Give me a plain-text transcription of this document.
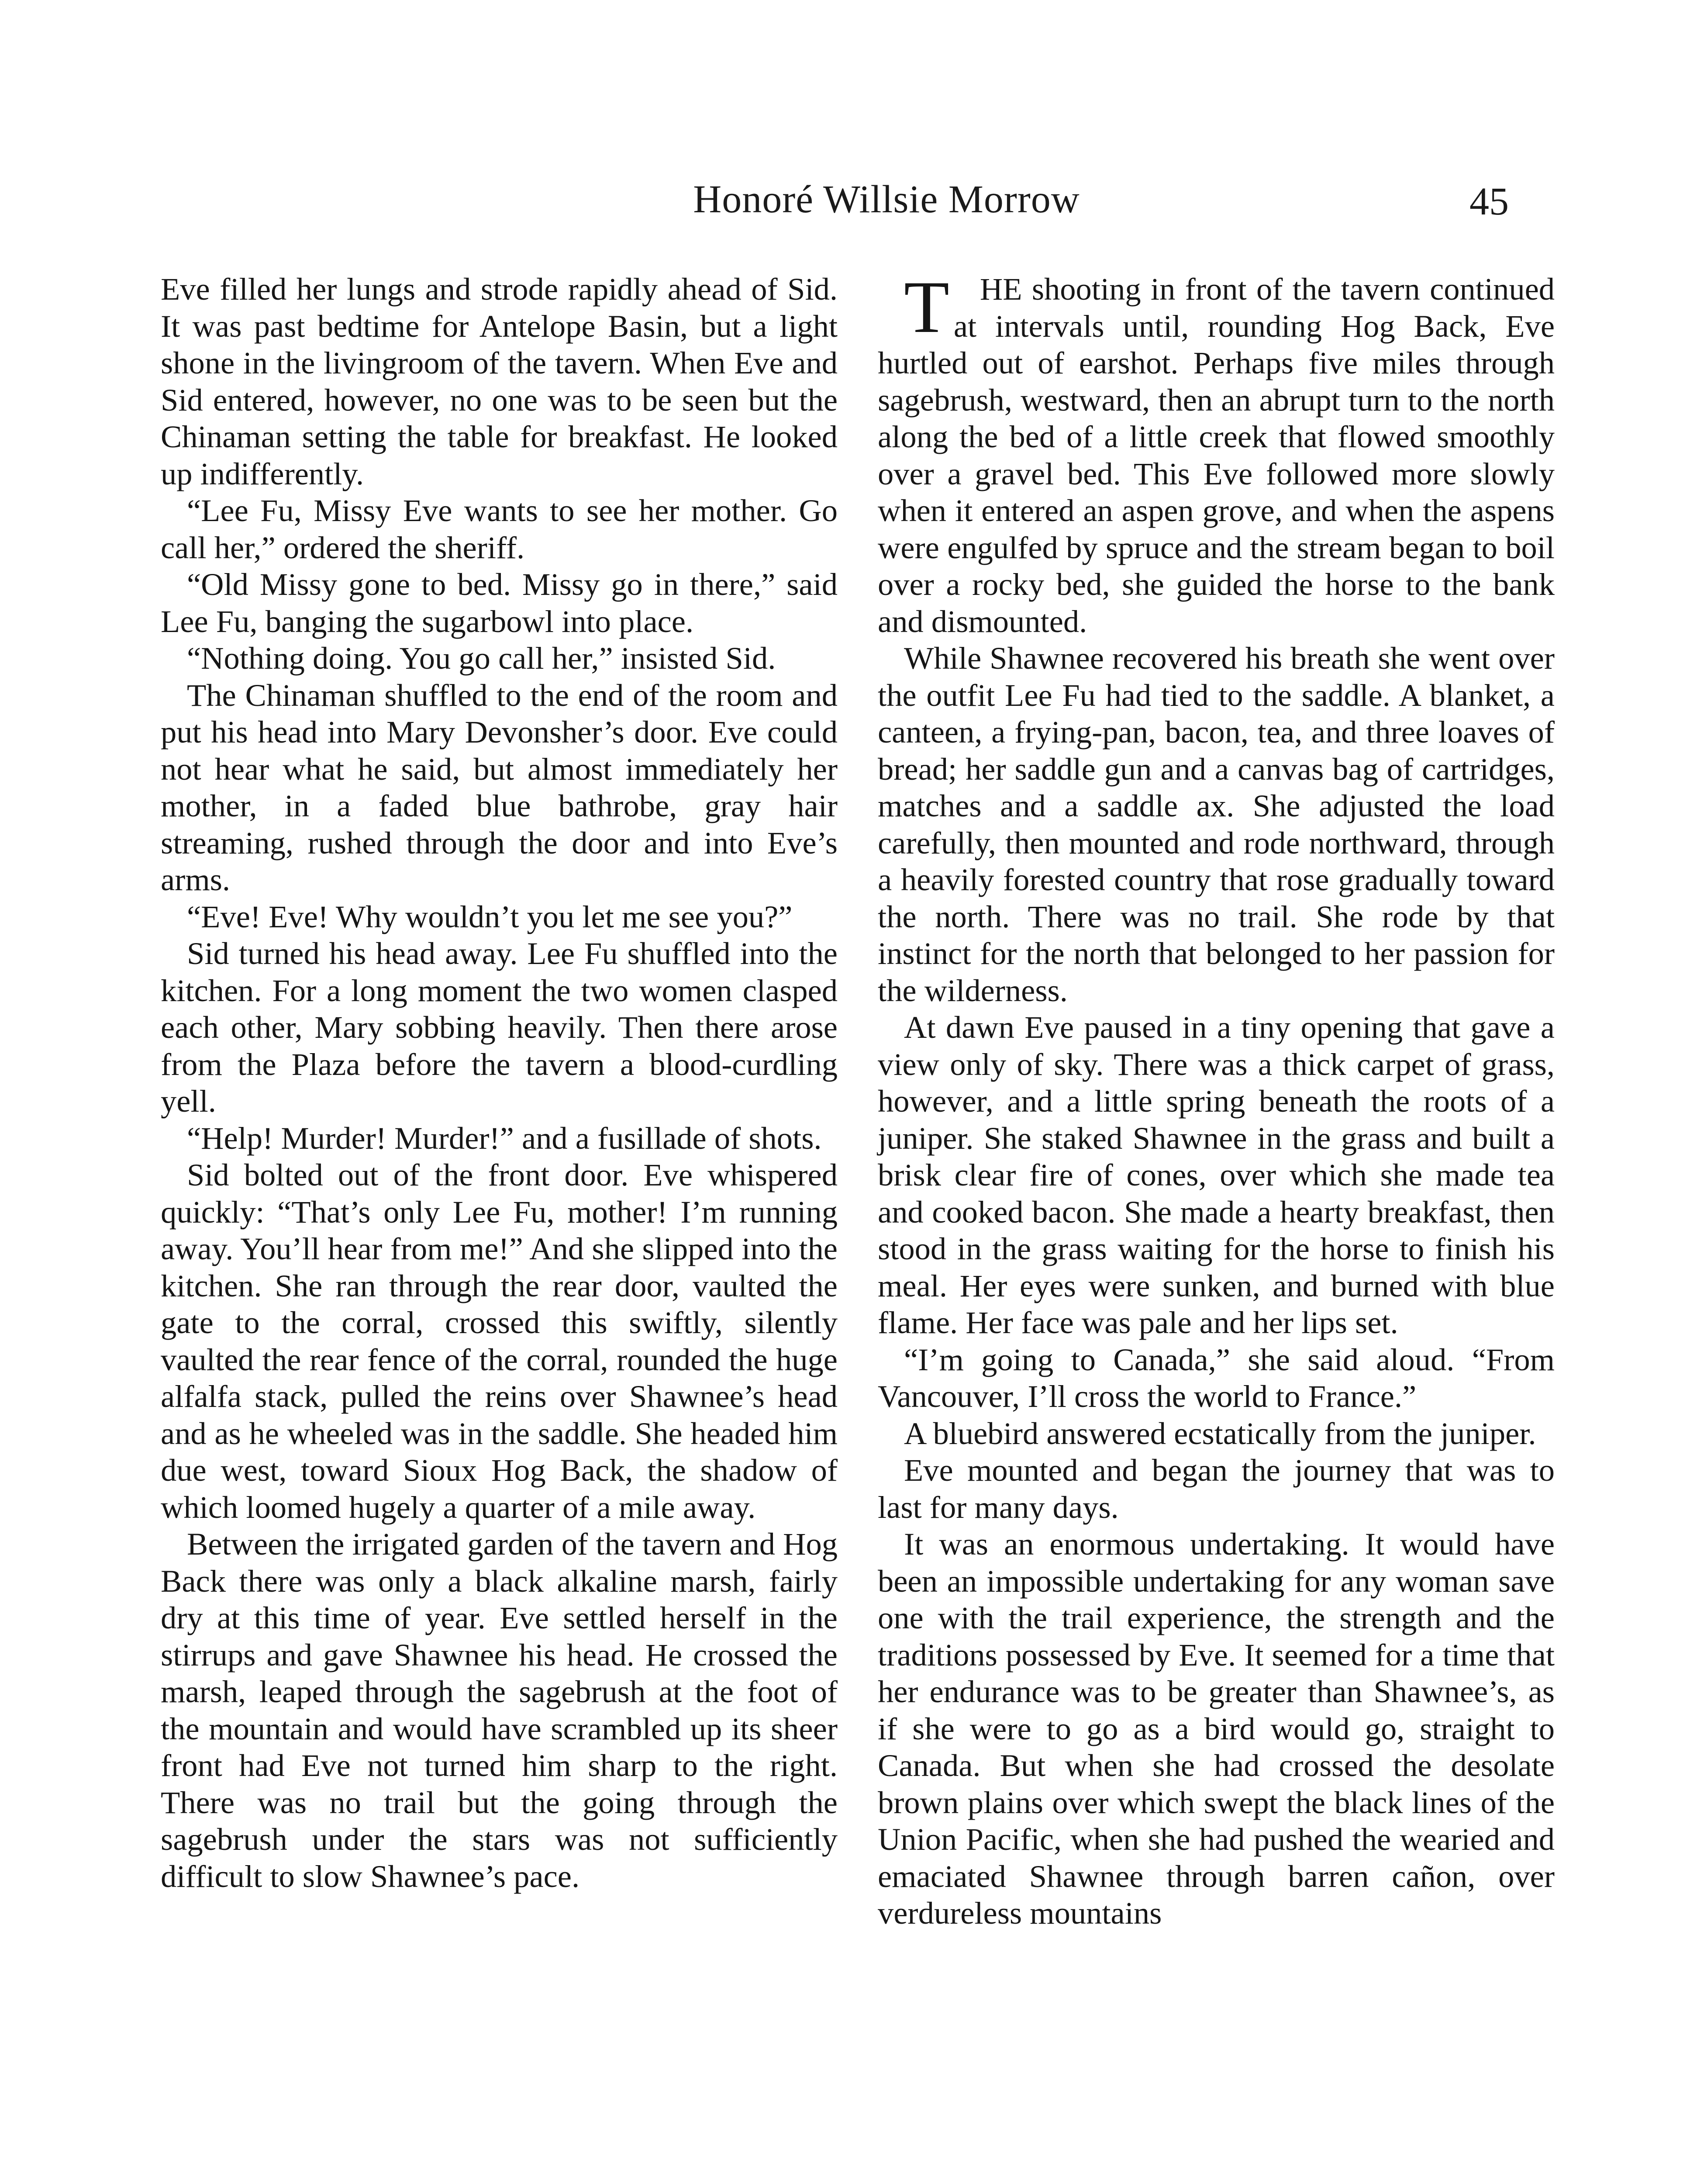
Honoré Willsie Morrow	45

Eve filled her lungs and strode rapidly ahead of Sid. It was past bedtime for Antelope Basin, but a light shone in the livingroom of the tavern. When Eve and Sid entered, however, no one was to be seen but the Chinaman setting the table for breakfast. He looked up indifferently.

“Lee Fu, Missy Eve wants to see her mother. Go call her,” ordered the sheriff.

“Old Missy gone to bed. Missy go in there,” said Lee Fu, banging the sugarbowl into place.

“Nothing doing. You go call her,” insisted Sid.

The Chinaman shuffled to the end of the room and put his head into Mary Devonsher’s door. Eve could not hear what he said, but almost immediately her mother, in a faded blue bathrobe, gray hair streaming, rushed through the door and into Eve’s arms.

“Eve! Eve! Why wouldn’t you let me see you?”

Sid turned his head away. Lee Fu shuffled into the kitchen. For a long moment the two women clasped each other, Mary sobbing heavily. Then there arose from the Plaza before the tavern a blood-curdling yell.

“Help! Murder! Murder!” and a fusillade of shots.

Sid bolted out of the front door. Eve whispered quickly: “That’s only Lee Fu, mother! I’m running away. You’ll hear from me!” And she slipped into the kitchen. She ran through the rear door, vaulted the gate to the corral, crossed this swiftly, silently vaulted the rear fence of the corral, rounded the huge alfalfa stack, pulled the reins over Shawnee’s head and as he wheeled was in the saddle. She headed him due west, toward Sioux Hog Back, the shadow of which loomed hugely a quarter of a mile away.

Between the irrigated garden of the tavern and Hog Back there was only a black alkaline marsh, fairly dry at this time of year. Eve settled herself in the stirrups and gave Shawnee his head. He crossed the marsh, leaped through the sagebrush at the foot of the mountain and would have scrambled up its sheer front had Eve not turned him sharp to the right. There was no trail but the going through the sagebrush under the stars was not sufficiently difficult to slow Shawnee’s pace.

THE shooting in front of the tavern continued at intervals until, rounding Hog Back, Eve hurtled out of earshot. Perhaps five miles through sagebrush, westward, then an abrupt turn to the north along the bed of a little creek that flowed smoothly over a gravel bed. This Eve followed more slowly when it entered an aspen grove, and when the aspens were engulfed by spruce and the stream began to boil over a rocky bed, she guided the horse to the bank and dismounted.

While Shawnee recovered his breath she went over the outfit Lee Fu had tied to the saddle. A blanket, a canteen, a frying-pan, bacon, tea, and three loaves of bread; her saddle gun and a canvas bag of cartridges, matches and a saddle ax. She adjusted the load carefully, then mounted and rode northward, through a heavily forested country that rose gradually toward the north. There was no trail. She rode by that instinct for the north that belonged to her passion for the wilderness.

At dawn Eve paused in a tiny opening that gave a view only of sky. There was a thick carpet of grass, however, and a little spring beneath the roots of a juniper. She staked Shawnee in the grass and built a brisk clear fire of cones, over which she made tea and cooked bacon. She made a hearty breakfast, then stood in the grass waiting for the horse to finish his meal. Her eyes were sunken, and burned with blue flame. Her face was pale and her lips set.

“I’m going to Canada,” she said aloud. “From Vancouver, I’ll cross the world to France.”

A bluebird answered ecstatically from the juniper.

Eve mounted and began the journey that was to last for many days.

It was an enormous undertaking. It would have been an impossible undertaking for any woman save one with the trail experience, the strength and the traditions possessed by Eve. It seemed for a time that her endurance was to be greater than Shawnee’s, as if she were to go as a bird would go, straight to Canada. But when she had crossed the desolate brown plains over which swept the black lines of the Union Pacific, when she had pushed the wearied and emaciated Shawnee through barren cañon, over verdureless mountains
